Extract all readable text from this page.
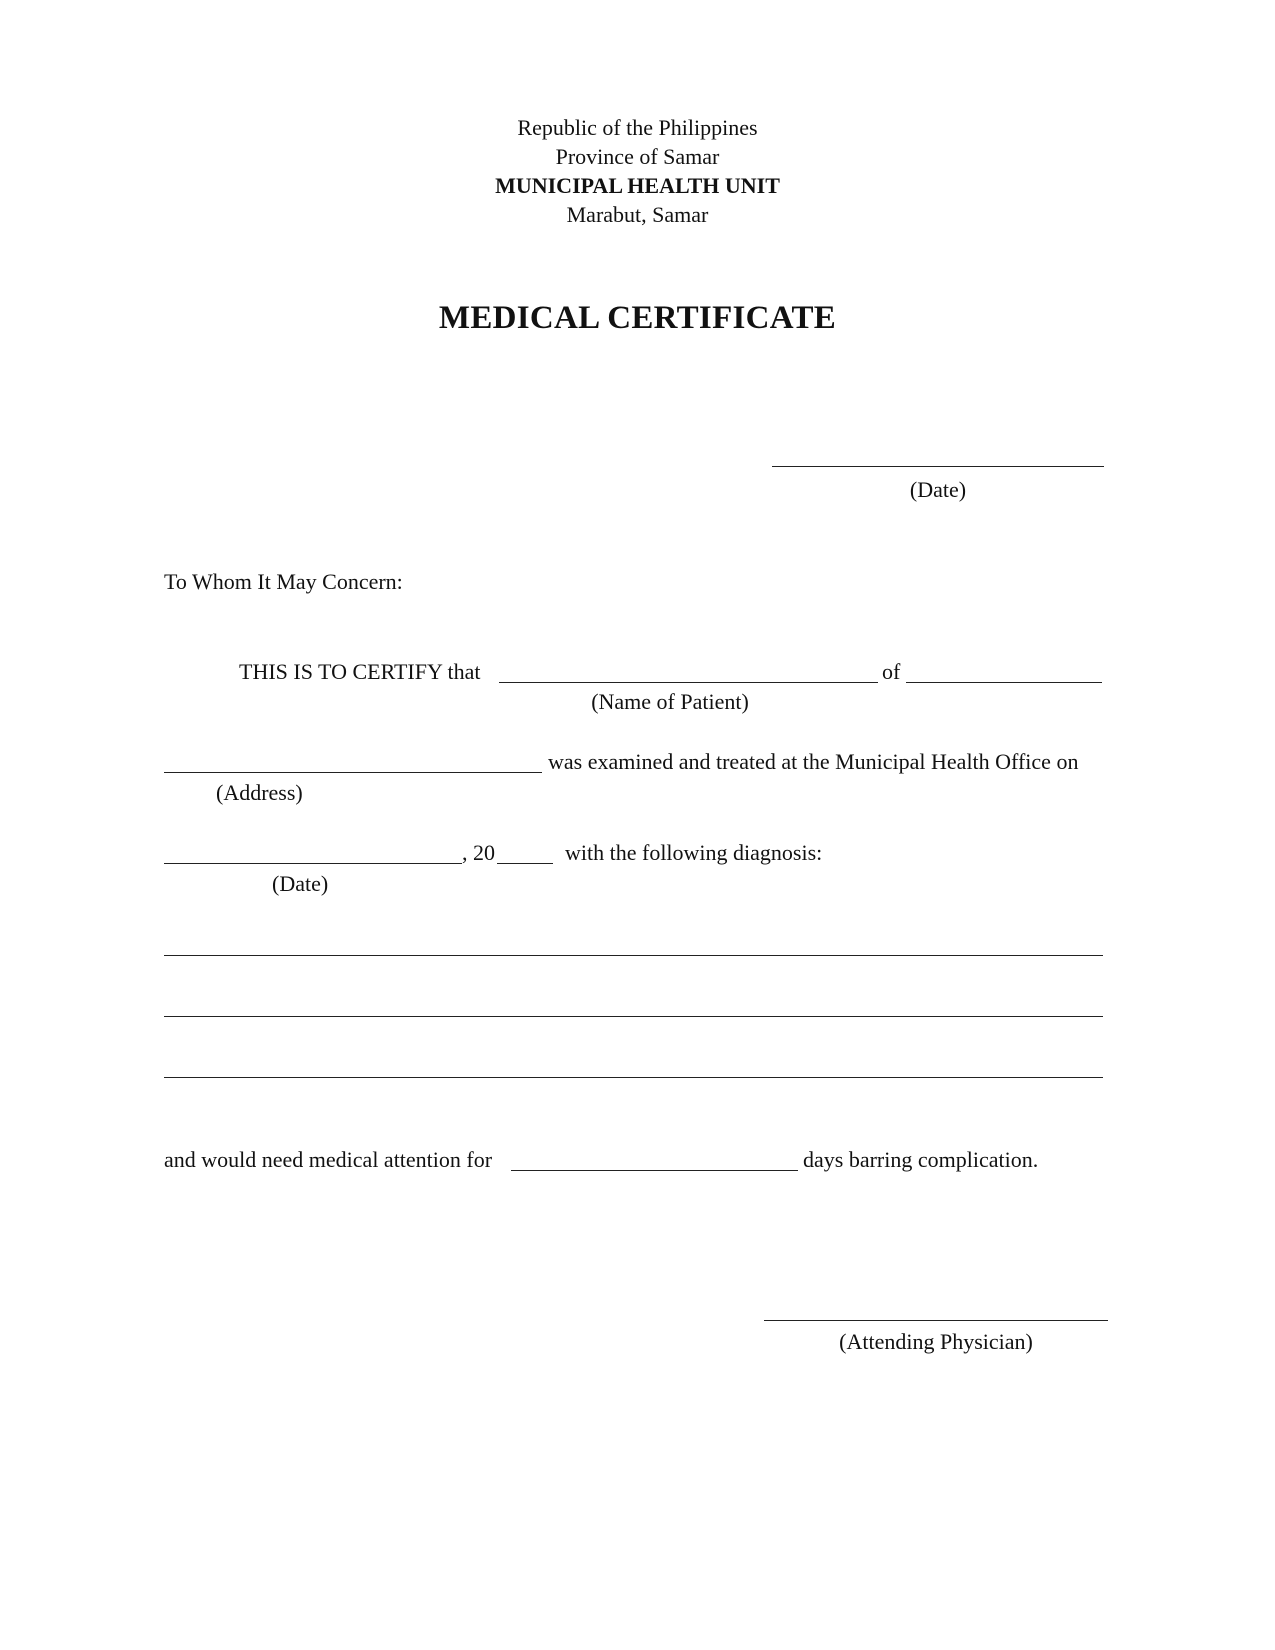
Republic of the Philippines
Province of Samar
MUNICIPAL HEALTH UNIT
Marabut, Samar
MEDICAL CERTIFICATE
(Date)
To Whom It May Concern:
THIS IS TO CERTIFY that	of
(Name of Patient)
was examined and treated at the Municipal Health Office on
(Address)
, 20	with the following diagnosis:
(Date)
and would need medical attention for	days barring complication.
(Attending Physician)
